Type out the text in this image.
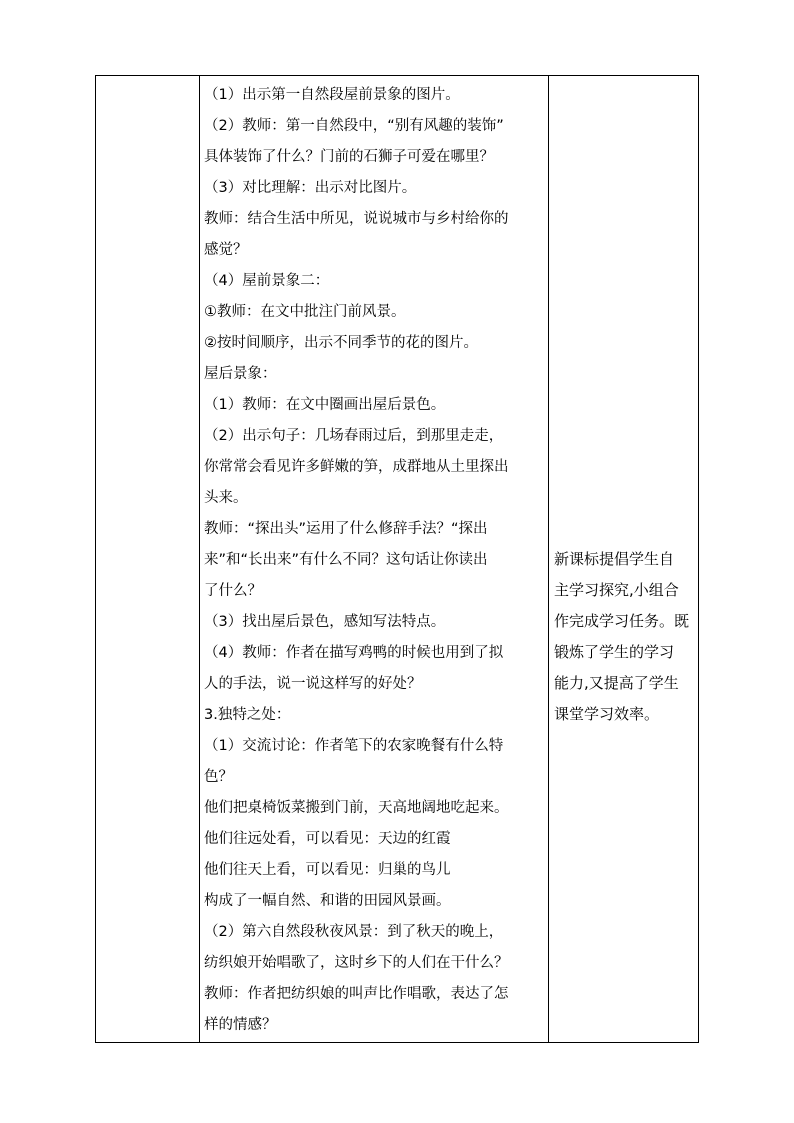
（1）出示第一自然段屋前景象的图片。
（2）教师：第一自然段中，“别有风趣的装饰”
具体装饰了什么？门前的石狮子可爱在哪里？
（3）对比理解：出示对比图片。
教师：结合生活中所见，说说城市与乡村给你的
感觉？
（4）屋前景象二：
①教师：在文中批注门前风景。
②按时间顺序，出示不同季节的花的图片。
屋后景象：
（1）教师：在文中圈画出屋后景色。
（2）出示句子：几场春雨过后，到那里走走，
你常常会看见许多鲜嫩的笋，成群地从土里探出
头来。
教师：“探出头”运用了什么修辞手法？“探出
来”和“长出来”有什么不同？这句话让你读出
了什么？
（3）找出屋后景色，感知写法特点。
（4）教师：作者在描写鸡鸭的时候也用到了拟
人的手法，说一说这样写的好处？
3.独特之处：
（1）交流讨论：作者笔下的农家晚餐有什么特
色？
他们把桌椅饭菜搬到门前，天高地阔地吃起来。
他们往远处看，可以看见：天边的红霞
他们往天上看，可以看见：归巢的鸟儿
构成了一幅自然、和谐的田园风景画。
（2）第六自然段秋夜风景：到了秋天的晚上，
纺织娘开始唱歌了，这时乡下的人们在干什么？
教师：作者把纺织娘的叫声比作唱歌，表达了怎
样的情感？
新课标提倡学生自
主学习探究,小组合
作完成学习任务。既
锻炼了学生的学习
能力,又提高了学生
课堂学习效率。
